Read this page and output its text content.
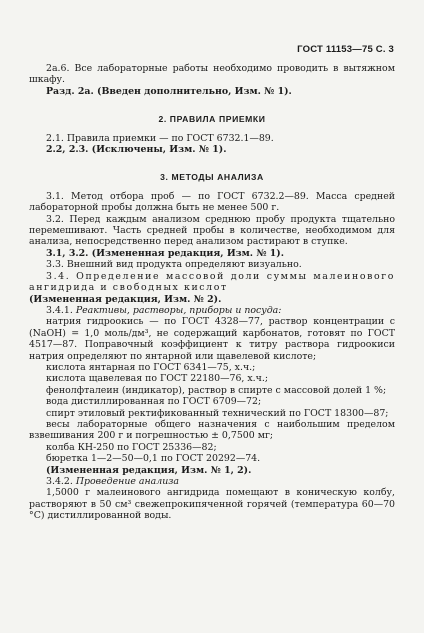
ГОСТ 11153—75 С. 3

2а.6. Все лабораторные работы необходимо проводить в вытяжном шкафу.

Разд. 2а. (Введен дополнительно, Изм. № 1).

2. ПРАВИЛА ПРИЕМКИ

2.1. Правила приемки — по ГОСТ 6732.1—89.

2.2, 2.3. (Исключены, Изм. № 1).

3. МЕТОДЫ АНАЛИЗА

3.1. Метод отбора проб — по ГОСТ 6732.2—89. Масса средней лабораторной пробы должна быть не менее 500 г.

3.2. Перед каждым анализом среднюю пробу продукта тщательно перемешивают. Часть средней пробы в количестве, необходимом для анализа, непосредственно перед анализом растирают в ступке.

3.1, 3.2. (Измененная редакция, Изм. № 1).

3.3. Внешний вид продукта определяют визуально.

3.4. Определение массовой доли суммы малеинового ангидрида и свободных кислот

(Измененная редакция, Изм. № 2).

3.4.1. Реактивы, растворы, приборы и посуда:

натрия гидроокись — по ГОСТ 4328—77, раствор концентрации с (NaOH) = 1,0 моль/дм³, не содержащий карбонатов, готовят по ГОСТ 4517—87. Поправочный коэффициент к титру раствора гидроокиси натрия определяют по янтарной или щавелевой кислоте;

кислота янтарная по ГОСТ 6341—75, х.ч.;

кислота щавелевая по ГОСТ 22180—76, х.ч.;

фенолфталеин (индикатор), раствор в спирте с массовой долей 1 %;

вода дистиллированная по ГОСТ 6709—72;

спирт этиловый ректификованный технический по ГОСТ 18300—87;

весы лабораторные общего назначения с наибольшим пределом взвешивания 200 г и погрешностью ± 0,7500 мг;

колба КН-250 по ГОСТ 25336—82;

бюретка 1—2—50—0,1 по ГОСТ 20292—74.

(Измененная редакция, Изм. № 1, 2).

3.4.2. Проведение анализа

1,5000 г малеинового ангидрида помещают в коническую колбу, растворяют в 50 см³ свежепрокипяченной горячей (температура 60—70 °С) дистиллированной воды.
